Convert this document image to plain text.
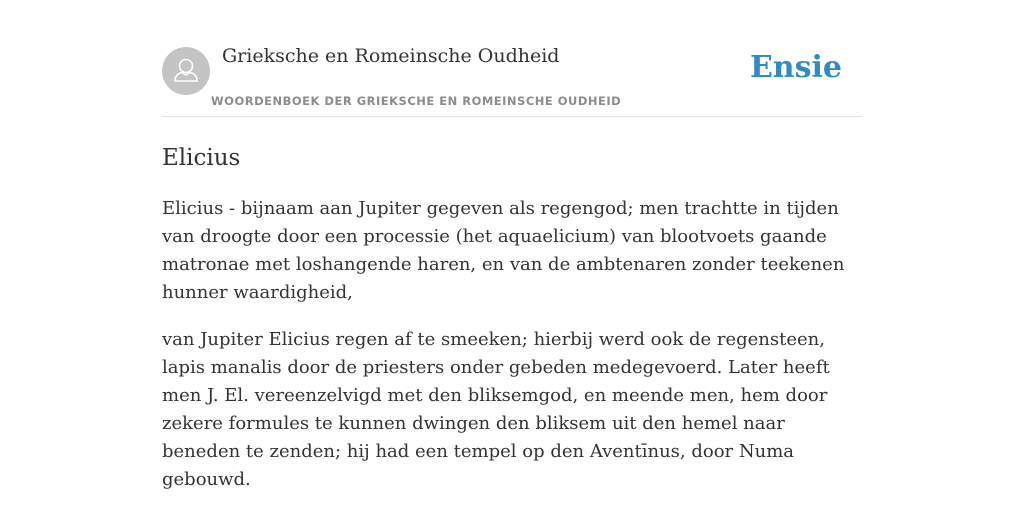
Grieksche en Romeinsche Oudheid
WOORDENBOEK DER GRIEKSCHE EN ROMEINSCHE OUDHEID
Ensie
Elicius

Elicius - bijnaam aan Jupiter gegeven als regengod; men trachtte in tijden van droogte door een processie (het aquaelicium) van blootvoets gaande matronae met loshangende haren, en van de ambtenaren zonder teekenen hunner waardigheid,

van Jupiter Elicius regen af te smeeken; hierbij werd ook de regensteen, lapis manalis door de priesters onder gebeden medegevoerd. Later heeft men J. El. vereenzelvigd met den bliksemgod, en meende men, hem door zekere formules te kunnen dwingen den bliksem uit den hemel naar beneden te zenden; hij had een tempel op den Aventīnus, door Numa gebouwd.
